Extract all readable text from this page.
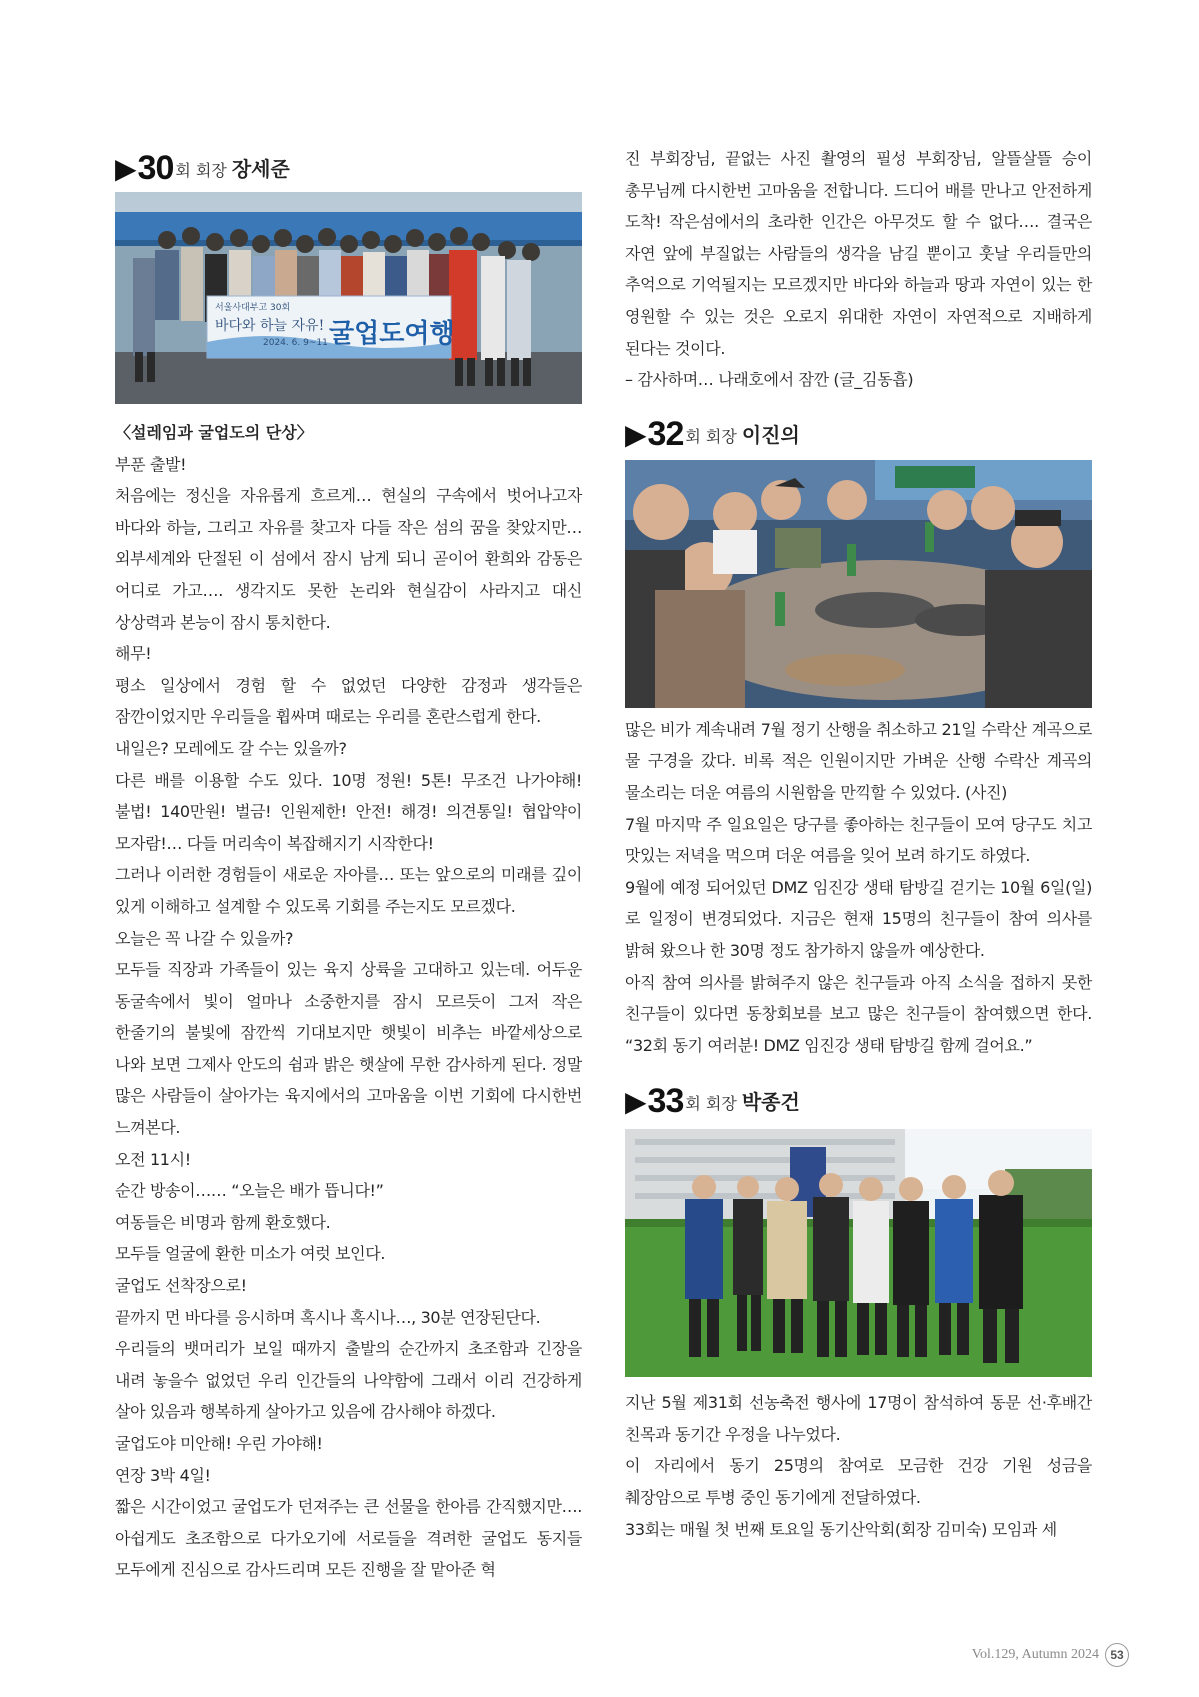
▶ 30 회 회장 장세준
서울사대부고 30회
바다와 하늘 자유!
2024. 6. 9~11 굴업도여행

〈설레임과 굴업도의 단상〉

부푼 출발!

처음에는 정신을 자유롭게 흐르게… 현실의 구속에서 벗어나고자 바다와 하늘, 그리고 자유를 찾고자 다들 작은 섬의 꿈을 찾았지만… 외부세계와 단절된 이 섬에서 잠시 남게 되니 곧이어 환희와 감동은 어디로 가고…. 생각지도 못한 논리와 현실감이 사라지고 대신 상상력과 본능이 잠시 통치한다.

해무!

평소 일상에서 경험 할 수 없었던 다양한 감정과 생각들은 잠깐이었지만 우리들을 휩싸며 때로는 우리를 혼란스럽게 한다.

내일은? 모레에도 갈 수는 있을까?

다른 배를 이용할 수도 있다. 10명 정원! 5톤! 무조건 나가야해! 불법! 140만원! 벌금! 인원제한! 안전! 해경! 의견통일! 협압약이 모자람!… 다들 머리속이 복잡해지기 시작한다!

그러나 이러한 경험들이 새로운 자아를… 또는 앞으로의 미래를 깊이 있게 이해하고 설계할 수 있도록 기회를 주는지도 모르겠다.

오늘은 꼭 나갈 수 있을까?

모두들 직장과 가족들이 있는 육지 상륙을 고대하고 있는데. 어두운 동굴속에서 빛이 얼마나 소중한지를 잠시 모르듯이 그저 작은 한줄기의 불빛에 잠깐씩 기대보지만 햇빛이 비추는 바깥세상으로 나와 보면 그제사 안도의 쉼과 밝은 햇살에 무한 감사하게 된다. 정말 많은 사람들이 살아가는 육지에서의 고마움을 이번 기회에 다시한번 느껴본다.

오전 11시!

순간 방송이…… “오늘은 배가 뜹니다!”

여동들은 비명과 함께 환호했다.

모두들 얼굴에 환한 미소가 여럿 보인다.

굴업도 선착장으로!

끝까지 먼 바다를 응시하며 혹시나 혹시나…, 30분 연장된단다.

우리들의 뱃머리가 보일 때까지 출발의 순간까지 초조함과 긴장을 내려 놓을수 없었던 우리 인간들의 나약함에 그래서 이리 건강하게 살아 있음과 행복하게 살아가고 있음에 감사해야 하겠다.

굴업도야 미안해! 우린 가야해!

연장 3박 4일!

짧은 시간이었고 굴업도가 던져주는 큰 선물을 한아름 간직했지만…. 아쉽게도 초조함으로 다가오기에 서로들을 격려한 굴업도 동지들 모두에게 진심으로 감사드리며 모든 진행을 잘 맡아준 혁

진 부회장님, 끝없는 사진 촬영의 필성 부회장님, 알뜰살뜰 승이 총무님께 다시한번 고마움을 전합니다. 드디어 배를 만나고 안전하게 도착! 작은섬에서의 초라한 인간은 아무것도 할 수 없다…. 결국은 자연 앞에 부질없는 사람들의 생각을 남길 뿐이고 훗날 우리들만의 추억으로 기억될지는 모르겠지만 바다와 하늘과 땅과 자연이 있는 한 영원할 수 있는 것은 오로지 위대한 자연이 자연적으로 지배하게 된다는 것이다.

– 감사하며… 나래호에서 잠깐 (글_김동흡)

▶ 32 회 회장 이진의

많은 비가 계속내려 7월 정기 산행을 취소하고 21일 수락산 계곡으로 물 구경을 갔다. 비록 적은 인원이지만 가벼운 산행 수락산 계곡의 물소리는 더운 여름의 시원함을 만끽할 수 있었다. (사진)

7월 마지막 주 일요일은 당구를 좋아하는 친구들이 모여 당구도 치고 맛있는 저녁을 먹으며 더운 여름을 잊어 보려 하기도 하였다.

9월에 예정 되어있던 DMZ 임진강 생태 탐방길 걷기는 10월 6일(일)로 일정이 변경되었다. 지금은 현재 15명의 친구들이 참여 의사를 밝혀 왔으나 한 30명 정도 참가하지 않을까 예상한다.

아직 참여 의사를 밝혀주지 않은 친구들과 아직 소식을 접하지 못한 친구들이 있다면 동창회보를 보고 많은 친구들이 참여했으면 한다. “32회 동기 여러분! DMZ 임진강 생태 탐방길 함께 걸어요.”

▶ 33 회 회장 박종건

지난 5월 제31회 선농축전 행사에 17명이 참석하여 동문 선·후배간 친목과 동기간 우정을 나누었다.

이 자리에서 동기 25명의 참여로 모금한 건강 기원 성금을 췌장암으로 투병 중인 동기에게 전달하였다.

33회는 매월 첫 번째 토요일 동기산악회(회장 김미숙) 모임과 세

Vol.129, Autumn 2024 53
